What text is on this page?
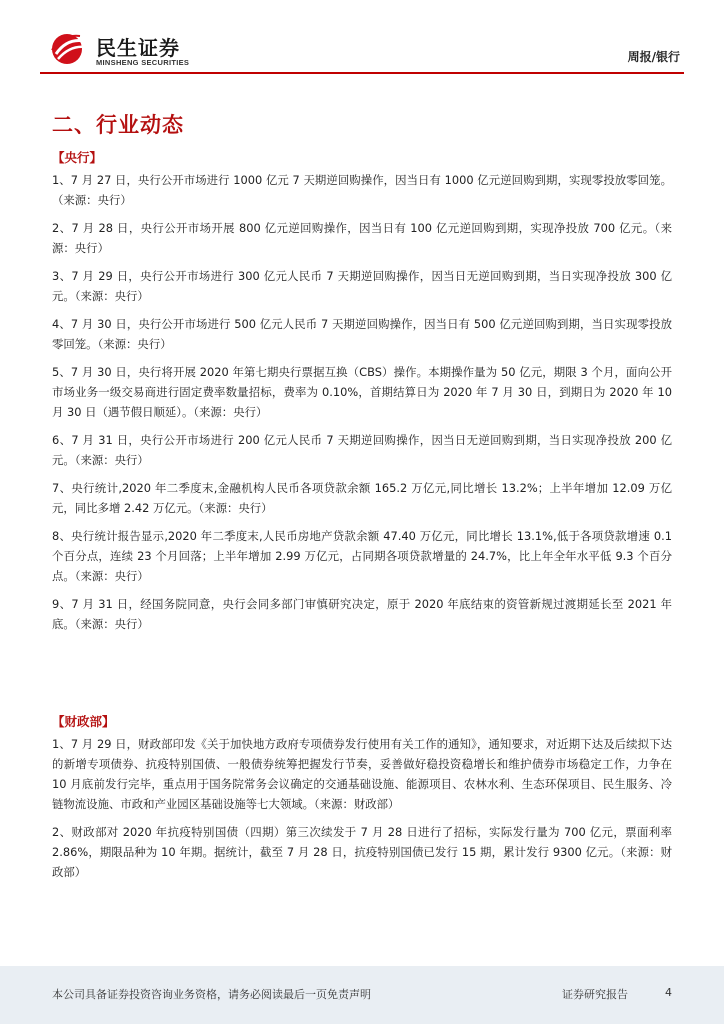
民生证券
MINSHENG SECURITIES	周报/银行
二、行业动态
【央行】

1、7 月 27 日，央行公开市场进行 1000 亿元 7 天期逆回购操作，因当日有 1000 亿元逆回购到期，实现零投放零回笼。（来源：央行）

2、7 月 28 日，央行公开市场开展 800 亿元逆回购操作，因当日有 100 亿元逆回购到期，实现净投放 700 亿元。（来源：央行）

3、7 月 29 日，央行公开市场进行 300 亿元人民币 7 天期逆回购操作，因当日无逆回购到期，当日实现净投放 300 亿元。（来源：央行）

4、7 月 30 日，央行公开市场进行 500 亿元人民币 7 天期逆回购操作，因当日有 500 亿元逆回购到期，当日实现零投放零回笼。（来源：央行）

5、7 月 30 日，央行将开展 2020 年第七期央行票据互换（CBS）操作。本期操作量为 50 亿元，期限 3 个月，面向公开市场业务一级交易商进行固定费率数量招标，费率为 0.10%，首期结算日为 2020 年 7 月 30 日，到期日为 2020 年 10 月 30 日（遇节假日顺延）。（来源：央行）

6、7 月 31 日，央行公开市场进行 200 亿元人民币 7 天期逆回购操作，因当日无逆回购到期，当日实现净投放 200 亿元。（来源：央行）

7、央行统计,2020 年二季度末,金融机构人民币各项贷款余额 165.2 万亿元,同比增长 13.2%；上半年增加 12.09 万亿元，同比多增 2.42 万亿元。（来源：央行）

8、央行统计报告显示,2020 年二季度末,人民币房地产贷款余额 47.40 万亿元，同比增长 13.1%,低于各项贷款增速 0.1 个百分点，连续 23 个月回落；上半年增加 2.99 万亿元，占同期各项贷款增量的 24.7%，比上年全年水平低 9.3 个百分点。（来源：央行）

9、7 月 31 日，经国务院同意，央行会同多部门审慎研究决定，原于 2020 年底结束的资管新规过渡期延长至 2021 年底。（来源：央行）

【财政部】

1、7 月 29 日，财政部印发《关于加快地方政府专项债券发行使用有关工作的通知》，通知要求，对近期下达及后续拟下达的新增专项债券、抗疫特别国债、一般债券统筹把握发行节奏，妥善做好稳投资稳增长和维护债券市场稳定工作，力争在 10 月底前发行完毕，重点用于国务院常务会议确定的交通基础设施、能源项目、农林水利、生态环保项目、民生服务、冷链物流设施、市政和产业园区基础设施等七大领域。（来源：财政部）

2、财政部对 2020 年抗疫特别国债（四期）第三次续发于 7 月 28 日进行了招标，实际发行量为 700 亿元，票面利率 2.86%，期限品种为 10 年期。据统计，截至 7 月 28 日，抗疫特别国债已发行 15 期，累计发行 9300 亿元。（来源：财政部）

本公司具备证券投资咨询业务资格，请务必阅读最后一页免责声明	证券研究报告	4
